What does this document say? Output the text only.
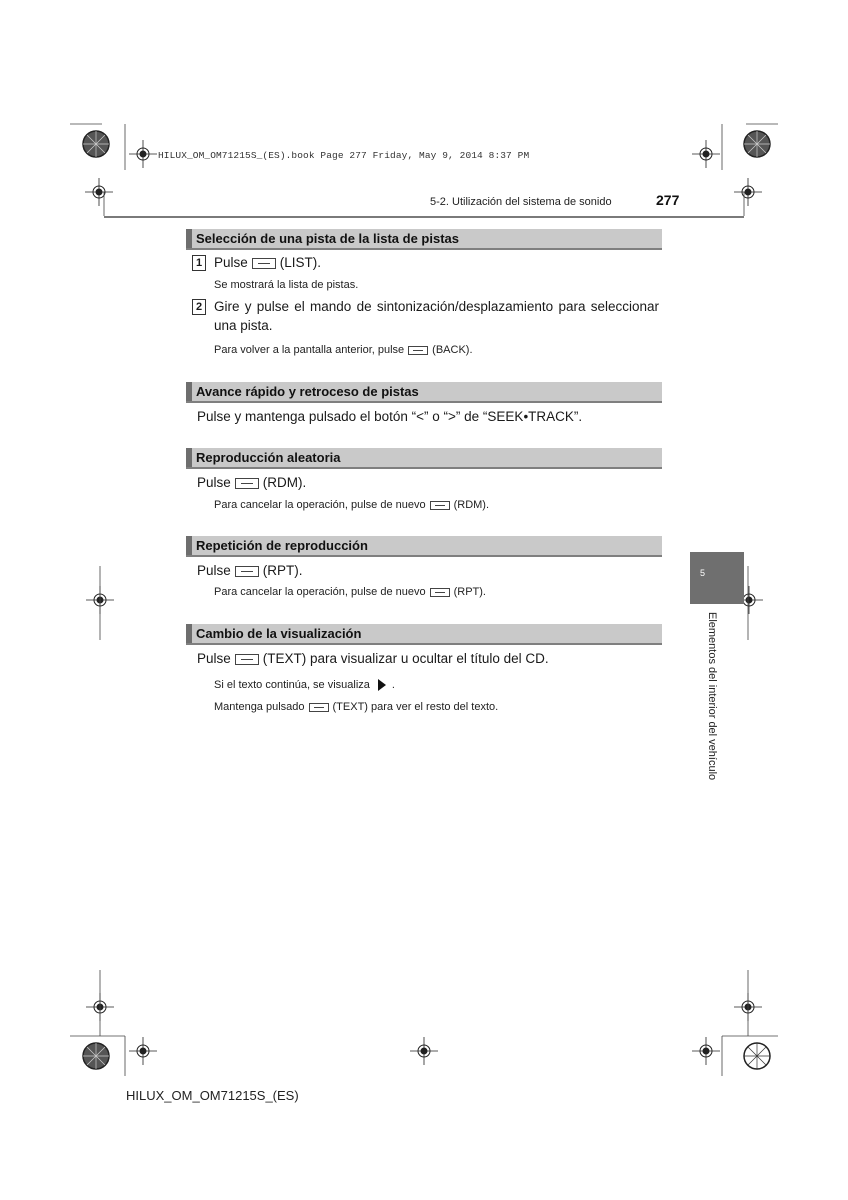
HILUX_OM_OM71215S_(ES).book Page 277 Friday, May 9, 2014 8:37 PM
5-2. Utilización del sistema de sonido	277
Selección de una pista de la lista de pistas
1 Pulse (LIST).
Se mostrará la lista de pistas.
2 Gire y pulse el mando de sintonización/desplazamiento para seleccionar
una pista.
Para volver a la pantalla anterior, pulse	(BACK).
Avance rápido y retroceso de pistas
Pulse y mantenga pulsado el botón “<” o “>” de “SEEK•TRACK”.
Reproducción aleatoria
Pulse (RDM).
Para cancelar la operación, pulse de nuevo	(RDM).
Repetición de reproducción
Pulse (RPT).
Para cancelar la operación, pulse de nuevo	(RPT).
Cambio de la visualización
Pulse (TEXT) para visualizar u ocultar el título del CD.
Si el texto continúa, se visualiza .
Mantenga pulsado	(TEXT) para ver el resto del texto.
5
Elementos del interior del vehículo
HILUX_OM_OM71215S_(ES)
